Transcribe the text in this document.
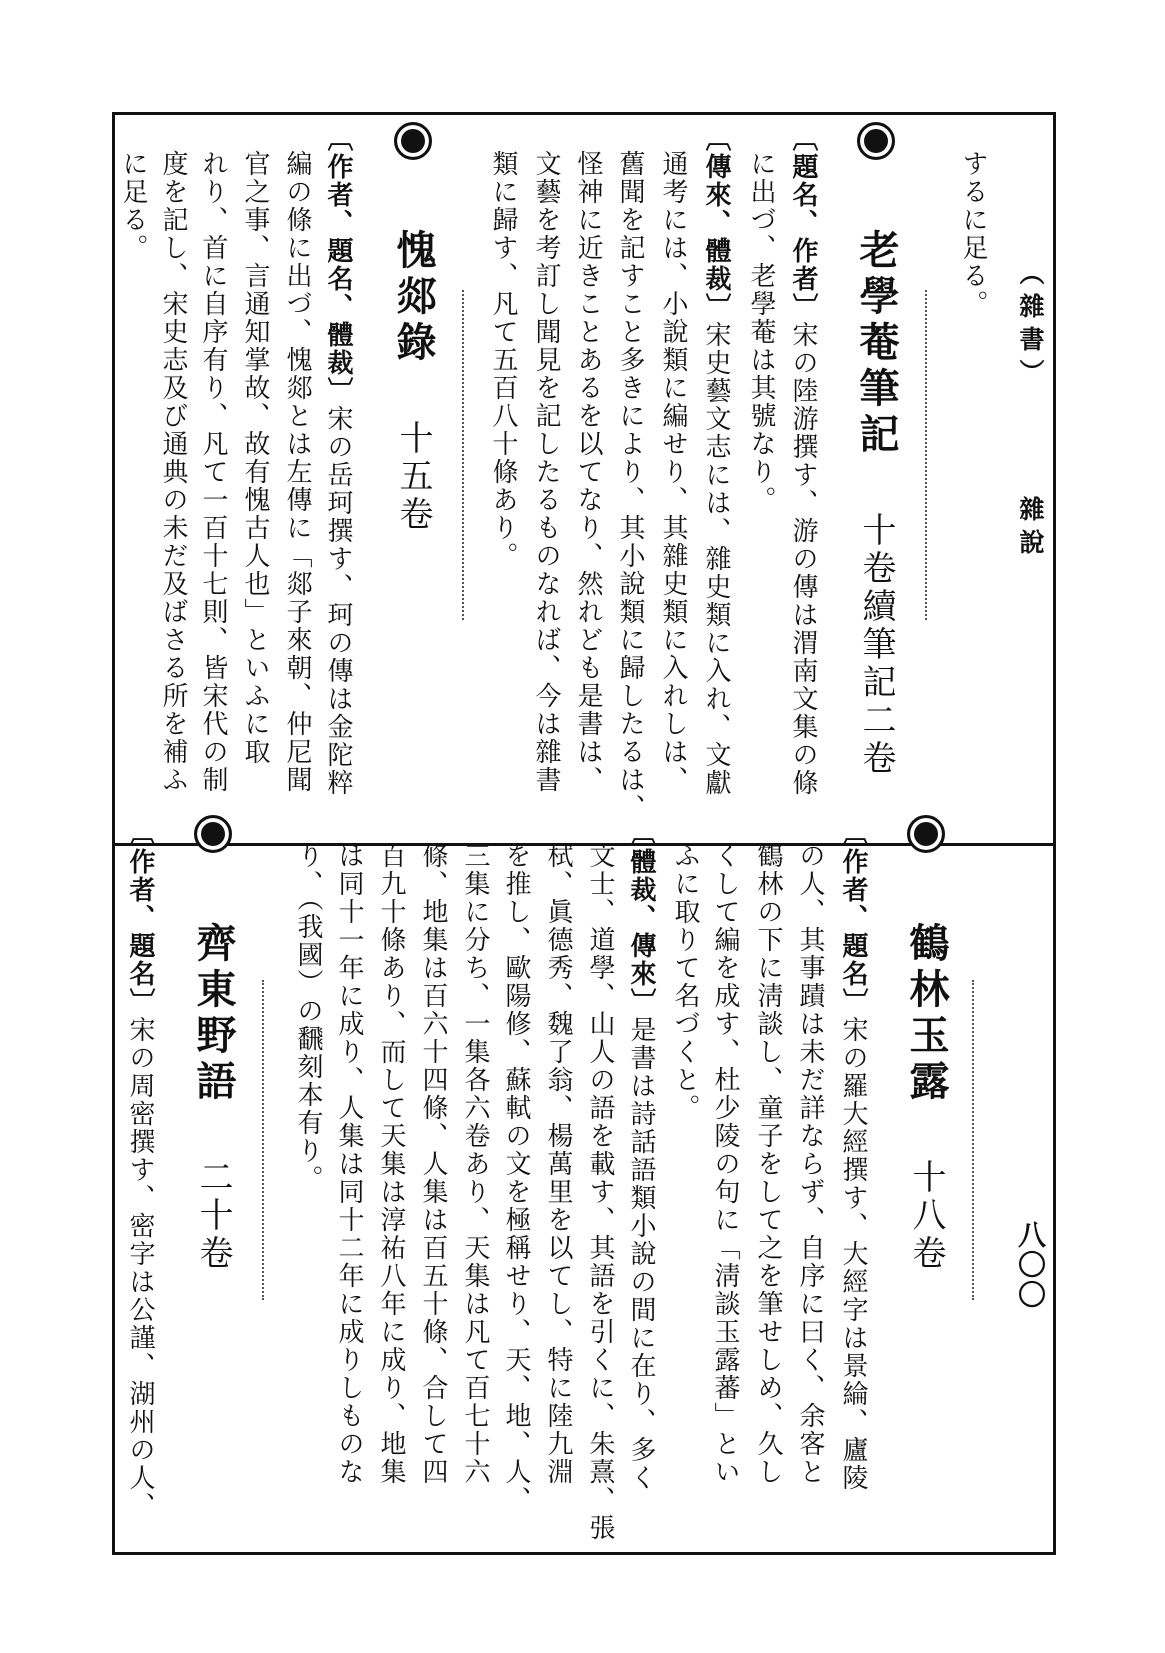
（雜書）  雜說
八〇〇
するに足る。
老學菴筆記 十卷續筆記二卷
〔題名、作者〕宋の陸游撰す、游の傳は渭南文集の條
に出づ、老學菴は其號なり。
〔傳來、體裁〕宋史藝文志には、雜史類に入れ、文獻
通考には、小說類に編せり、其雜史類に入れしは、
舊聞を記すこと多きにより、其小說類に歸したるは、
怪神に近きことあるを以てなり、然れども是書は、
文藝を考訂し聞見を記したるものなれば、今は雜書
類に歸す、凡て五百八十條あり。
愧郯錄 十五卷
〔作者、題名、體裁〕宋の岳珂撰す、珂の傳は金陀粹
編の條に出づ、愧郯とは左傳に「郯子來朝、仲尼聞
官之事、言通知掌故、故有愧古人也」といふに取
れり、首に自序有り、凡て一百十七則、皆宋代の制
度を記し、宋史志及び通典の未だ及ばさる所を補ふ
に足る。
鶴林玉露 十八卷
〔作者、題名〕宋の羅大經撰す、大經字は景綸、廬陵
の人、其事蹟は未だ詳ならず、自序に曰く、余客と
鶴林の下に淸談し、童子をして之を筆せしめ、久し
くして編を成す、杜少陵の句に「淸談玉露蕃」とい
ふに取りて名づくと。
〔體裁、傳來〕是書は詩話語類小說の間に在り、多く
文士、道學、山人の語を載す、其語を引くに、朱熹、張
栻、眞德秀、魏了翁、楊萬里を以てし、特に陸九淵
を推し、歐陽修、蘇軾の文を極稱せり、天、地、人、
三集に分ち、一集各六卷あり、天集は凡て百七十六
條、地集は百六十四條、人集は百五十條、合して四
百九十條あり、而して天集は淳祐八年に成り、地集
は同十一年に成り、人集は同十二年に成りしものな
り、（我國）の飜刻本有り。
齊東野語 二十卷
〔作者、題名〕宋の周密撰す、密字は公謹、湖州の人、
